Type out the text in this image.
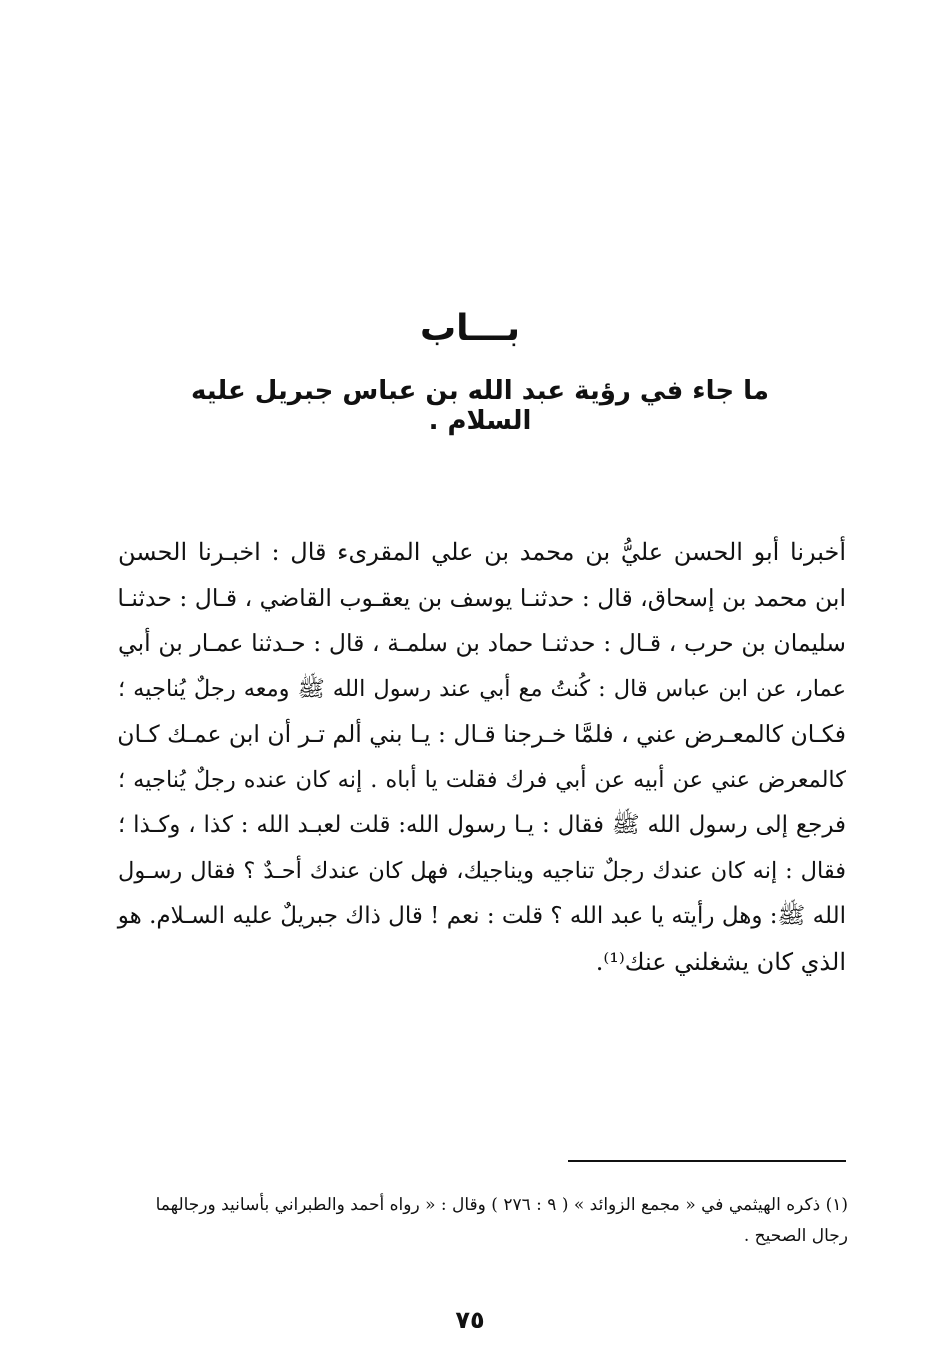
بـــاب
ما جاء في رؤية عبد الله بن عباس جبريل عليه السلام .
أخبرنا أبو الحسن عليُّ بن محمد بن علي المقرىء قال : اخبـرنا الحسن
ابن محمد بن إسحاق، قال : حدثنـا يوسف بن يعقـوب القاضي ، قـال : حدثنـا
سليمان بن حرب ، قـال : حدثنـا حماد بن سلمـة ، قال : حـدثنا عمـار بن أبي
عمار، عن ابن عباس قال : كُنتُ مع أبي عند رسول الله ﷺ ومعه رجلٌ يُناجيه ؛
فكـان كالمعـرض عني ، فلمَّا خـرجنا قـال : يـا بني ألم تـر أن ابن عمـك كـان
كالمعرض عني عن أبيه عن أبي فرك فقلت يا أباه . إنه كان عنده رجلٌ يُناجيه ؛
فرجع إلى رسول الله ﷺ فقال : يـا رسول الله: قلت لعبـد الله : كذا ، وكـذا ؛
فقال : إنه كان عندك رجلٌ تناجيه ويناجيك، فهل كان عندك أحـدٌ ؟ فقال رسـول
الله ﷺ: وهل رأيته يا عبد الله ؟ قلت : نعم ! قال ذاك جبريلٌ عليه السـلام. هو
الذي كان يشغلني عنك⁽¹⁾.
(١) ذكره الهيثمي في « مجمع الزوائد » ( ٩ : ٢٧٦ ) وقال : « رواه أحمد والطبراني بأسانيد ورجالهما
رجال الصحيح .
٧٥
